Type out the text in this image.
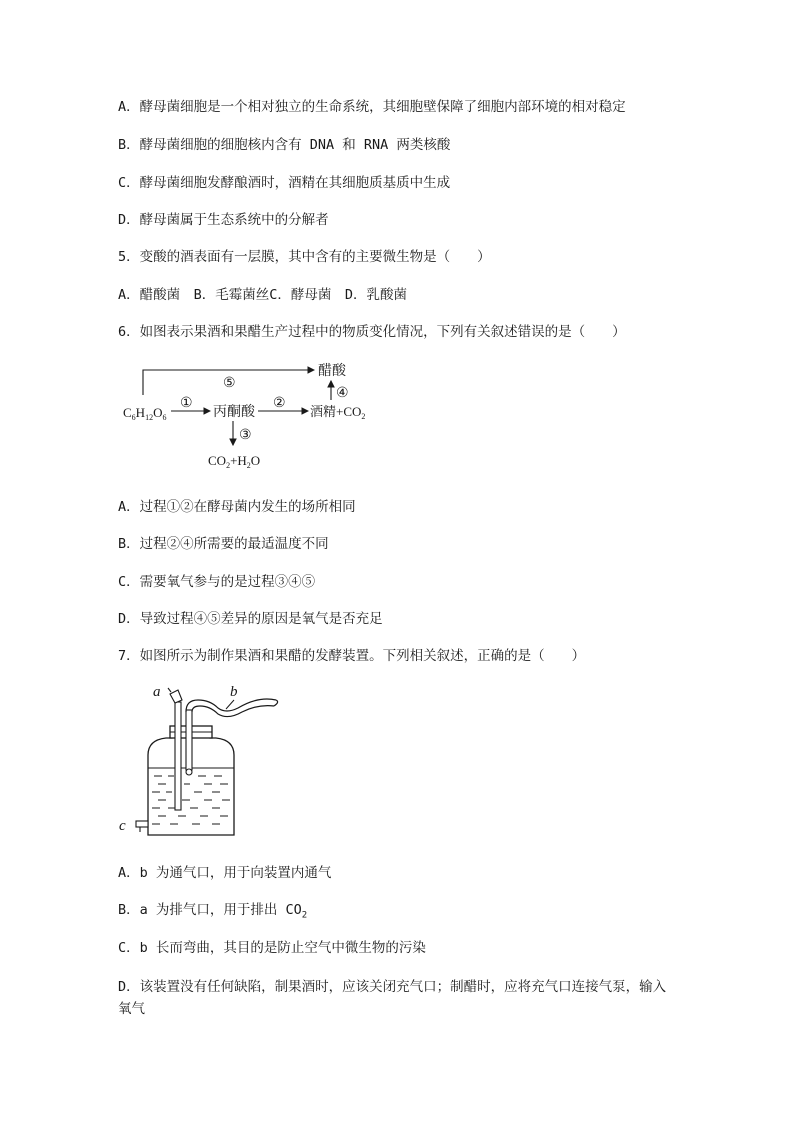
A．酵母菌细胞是一个相对独立的生命系统，其细胞壁保障了细胞内部环境的相对稳定
B．酵母菌细胞的细胞核内含有 DNA 和 RNA 两类核酸
C．酵母菌细胞发酵酿酒时，酒精在其细胞质基质中生成
D．酵母菌属于生态系统中的分解者
5．变酸的酒表面有一层膜，其中含有的主要微生物是（　　）
A．醋酸菌　B．毛霉菌丝C．酵母菌　D．乳酸菌
6．如图表示果酒和果醋生产过程中的物质变化情况，下列有关叙述错误的是（　　）
⑤
醋酸
$C_6H_{12}O_6$
①
丙酮酸
②
酒精$+CO_2$
④
③
$CO_2+H_2O$
A．过程①②在酵母菌内发生的场所相同
B．过程②④所需要的最适温度不同
C．需要氧气参与的是过程③④⑤
D．导致过程④⑤差异的原因是氧气是否充足
7．如图所示为制作果酒和果醋的发酵装置。下列相关叙述，正确的是（　　）
a	b
c
A．b 为通气口，用于向装置内通气
B．a 为排气口，用于排出 $CO_2$
C．b 长而弯曲，其目的是防止空气中微生物的污染
D．该装置没有任何缺陷，制果酒时，应该关闭充气口；制醋时，应将充气口连接气泵，输入氧气
